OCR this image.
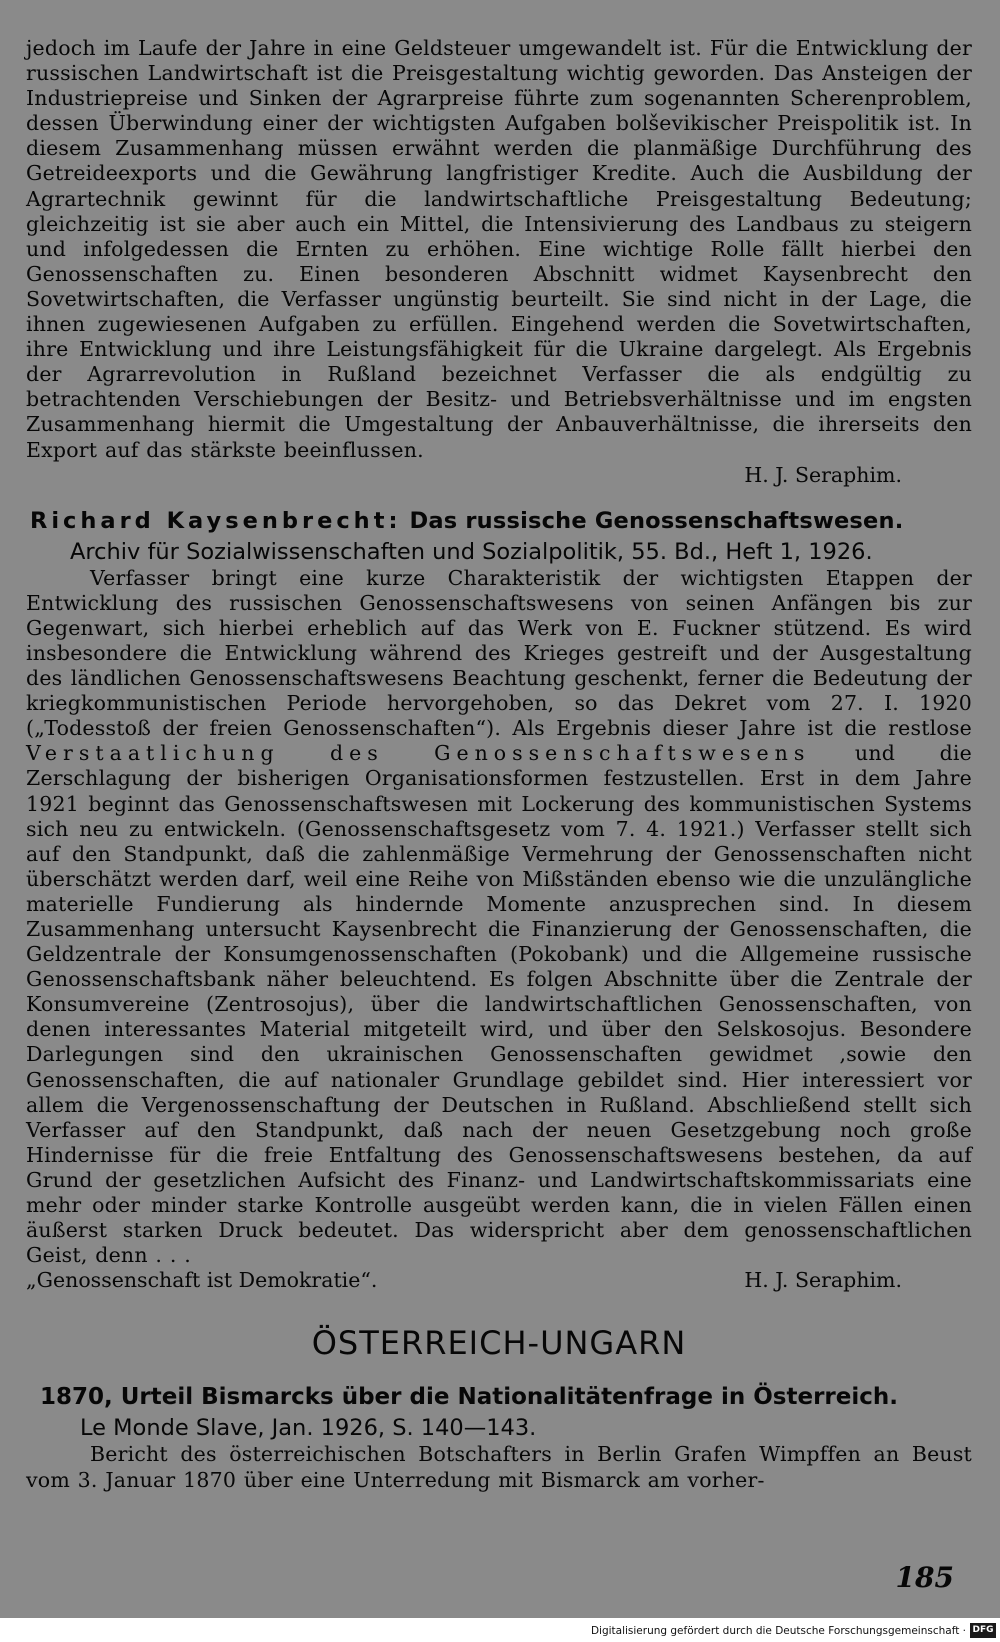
jedoch im Laufe der Jahre in eine Geldsteuer umgewandelt ist. Für die Entwicklung der russischen Landwirtschaft ist die Preisgestaltung wichtig geworden. Das Ansteigen der Industriepreise und Sinken der Agrarpreise führte zum sogenannten Scherenproblem, dessen Überwindung einer der wichtigsten Aufgaben bolševikischer Preispolitik ist. In diesem Zusammenhang müssen erwähnt werden die planmäßige Durchführung des Getreideexports und die Gewährung langfristiger Kredite. Auch die Ausbildung der Agrartechnik gewinnt für die landwirtschaftliche Preisgestaltung Bedeutung; gleichzeitig ist sie aber auch ein Mittel, die Intensivierung des Landbaus zu steigern und infolgedessen die Ernten zu erhöhen. Eine wichtige Rolle fällt hierbei den Genossenschaften zu. Einen besonderen Abschnitt widmet Kaysenbrecht den Sovetwirtschaften, die Verfasser ungünstig beurteilt. Sie sind nicht in der Lage, die ihnen zugewiesenen Aufgaben zu erfüllen. Eingehend werden die Sovetwirtschaften, ihre Entwicklung und ihre Leistungsfähigkeit für die Ukraine dargelegt. Als Ergebnis der Agrarrevolution in Rußland bezeichnet Verfasser die als endgültig zu betrachtenden Verschiebungen der Besitz- und Betriebsverhältnisse und im engsten Zusammenhang hiermit die Umgestaltung der Anbauverhältnisse, die ihrerseits den Export auf das stärkste beeinflussen.

H. J. Seraphim.

Richard Kaysenbrecht: Das russische Genossenschaftswesen.
Archiv für Sozialwissenschaften und Sozialpolitik, 55. Bd., Heft 1, 1926.

Verfasser bringt eine kurze Charakteristik der wichtigsten Etappen der Entwicklung des russischen Genossenschaftswesens von seinen Anfängen bis zur Gegenwart, sich hierbei erheblich auf das Werk von E. Fuckner stützend. Es wird insbesondere die Entwicklung während des Krieges gestreift und der Ausgestaltung des ländlichen Genossenschaftswesens Beachtung geschenkt, ferner die Bedeutung der kriegkommunistischen Periode hervorgehoben, so das Dekret vom 27. I. 1920 („Todesstoß der freien Genossenschaften“). Als Ergebnis dieser Jahre ist die restlose Verstaatlichung des Genossenschaftswesens und die Zerschlagung der bisherigen Organisationsformen festzustellen. Erst in dem Jahre 1921 beginnt das Genossenschaftswesen mit Lockerung des kommunistischen Systems sich neu zu entwickeln. (Genossenschaftsgesetz vom 7. 4. 1921.) Verfasser stellt sich auf den Standpunkt, daß die zahlenmäßige Vermehrung der Genossenschaften nicht überschätzt werden darf, weil eine Reihe von Mißständen ebenso wie die unzulängliche materielle Fundierung als hindernde Momente anzusprechen sind. In diesem Zusammenhang untersucht Kaysenbrecht die Finanzierung der Genossenschaften, die Geldzentrale der Konsumgenossenschaften (Pokobank) und die Allgemeine russische Genossenschaftsbank näher beleuchtend. Es folgen Abschnitte über die Zentrale der Konsumvereine (Zentrosojus), über die landwirtschaftlichen Genossenschaften, von denen interessantes Material mitgeteilt wird, und über den Selskosojus. Besondere Darlegungen sind den ukrainischen Genossenschaften gewidmet ,sowie den Genossenschaften, die auf nationaler Grundlage gebildet sind. Hier interessiert vor allem die Vergenossenschaftung der Deutschen in Rußland. Abschließend stellt sich Verfasser auf den Standpunkt, daß nach der neuen Gesetzgebung noch große Hindernisse für die freie Entfaltung des Genossenschaftswesens bestehen, da auf Grund der gesetzlichen Aufsicht des Finanz- und Landwirtschaftskommissariats eine mehr oder minder starke Kontrolle ausgeübt werden kann, die in vielen Fällen einen äußerst starken Druck bedeutet. Das widerspricht aber dem genossenschaftlichen Geist, denn . . .

„Genossenschaft ist Demokratie“.	H. J. Seraphim.

ÖSTERREICH-UNGARN
1870, Urteil Bismarcks über die Nationalitätenfrage in Österreich.
Le Monde Slave, Jan. 1926, S. 140—143.

Bericht des österreichischen Botschafters in Berlin Grafen Wimpffen an Beust vom 3. Januar 1870 über eine Unterredung mit Bismarck am vorher-

185
Digitalisierung gefördert durch die Deutsche Forschungsgemeinschaft · DFG
